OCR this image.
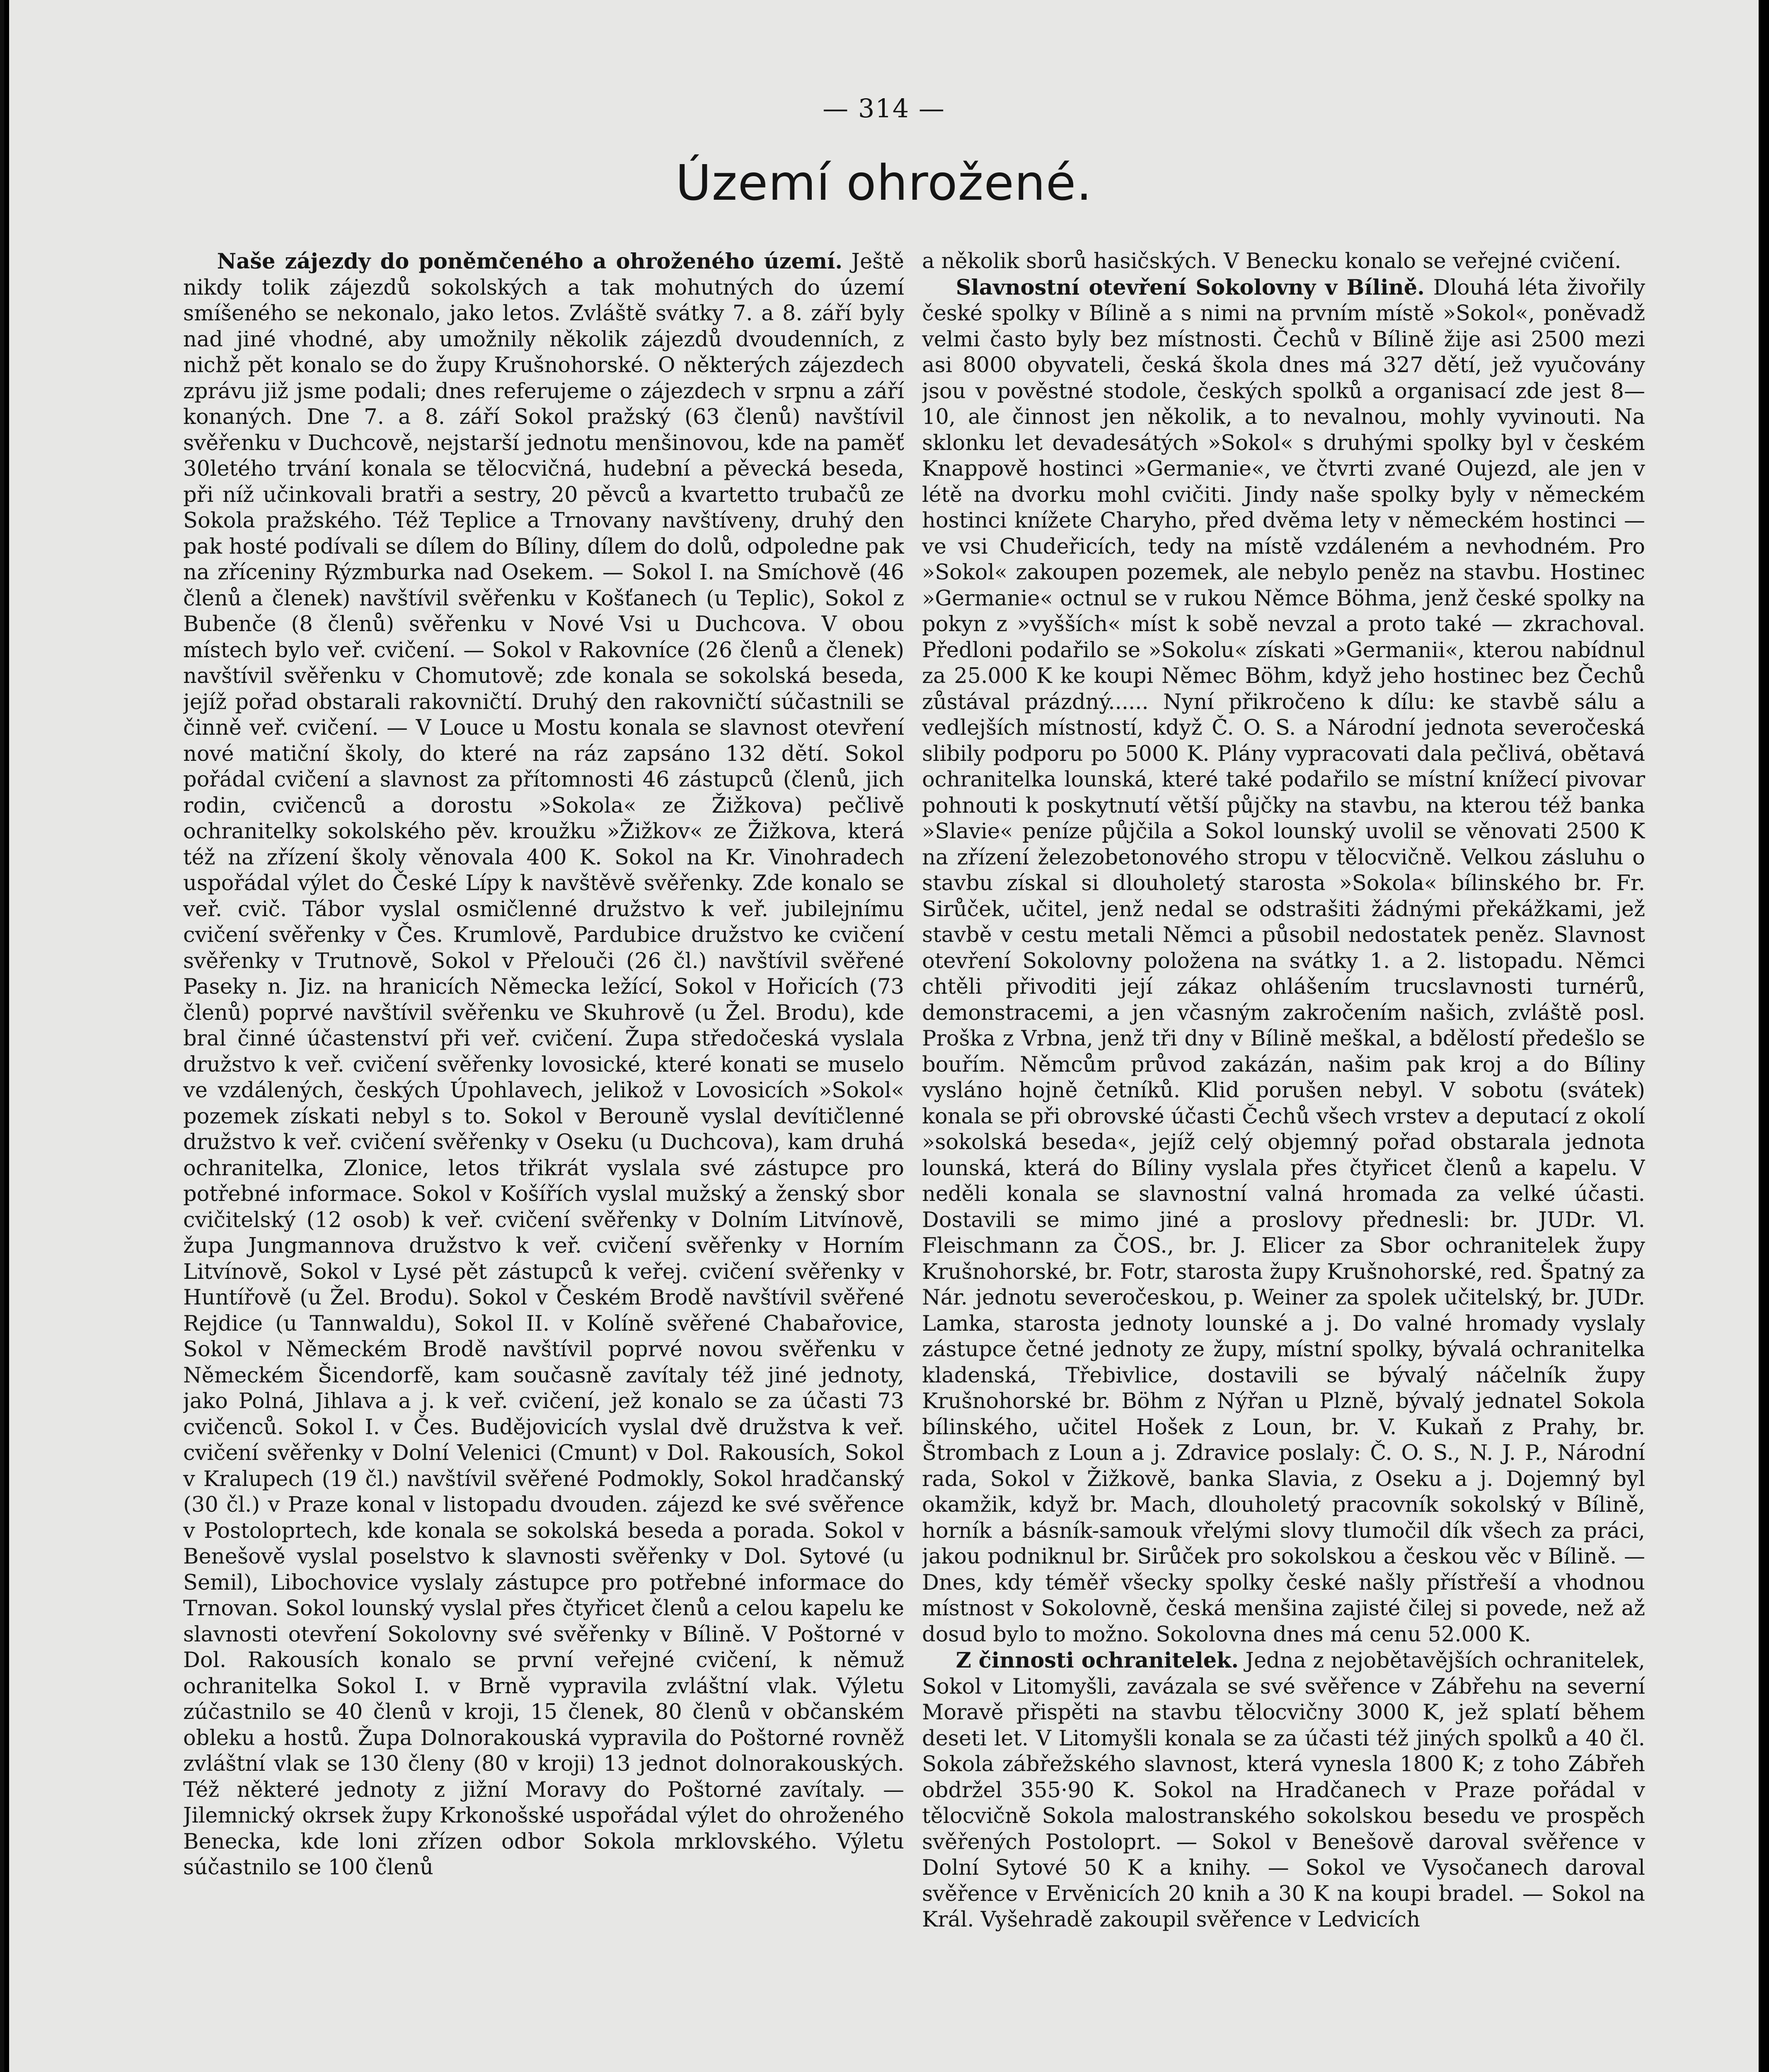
— 314 —
Území ohrožené.

Naše zájezdy do poněmčeného a ohroženého území. Ještě nikdy tolik zájezdů sokolských a tak mohutných do území smíšeného se nekonalo, jako letos. Zvláště svátky 7. a 8. září byly nad jiné vhodné, aby umožnily několik zájezdů dvoudenních, z nichž pět konalo se do župy Krušnohorské. O některých zájezdech zprávu již jsme podali; dnes referujeme o zájezdech v srpnu a září konaných. Dne 7. a 8. září Sokol pražský (63 členů) navštívil svěřenku v Duchcově, nejstarší jednotu menšinovou, kde na paměť 30letého trvání konala se tělocvičná, hudební a pěvecká beseda, při níž učinkovali bratři a sestry, 20 pěvců a kvartetto trubačů ze Sokola pražského. Též Teplice a Trnovany navštíveny, druhý den pak hosté podívali se dílem do Bíliny, dílem do dolů, odpoledne pak na zříceniny Rýzmburka nad Osekem. — Sokol I. na Smíchově (46 členů a členek) navštívil svěřenku v Košťanech (u Teplic), Sokol z Bubenče (8 členů) svěřenku v Nové Vsi u Duchcova. V obou místech bylo veř. cvičení. — Sokol v Rakovníce (26 členů a členek) navštívil svěřenku v Chomutově; zde konala se sokolská beseda, jejíž pořad obstarali rakovničtí. Druhý den rakovničtí súčastnili se činně veř. cvičení. — V Louce u Mostu konala se slavnost otevření nové matiční školy, do které na ráz zapsáno 132 dětí. Sokol pořádal cvičení a slavnost za přítomnosti 46 zástupců (členů, jich rodin, cvičenců a dorostu »Sokola« ze Žižkova) pečlivě ochranitelky sokolského pěv. kroužku »Žižkov« ze Žižkova, která též na zřízení školy věnovala 400 K. Sokol na Kr. Vinohradech uspořádal výlet do České Lípy k navštěvě svěřenky. Zde konalo se veř. cvič. Tábor vyslal osmičlenné družstvo k veř. jubilejnímu cvičení svěřenky v Čes. Krumlově, Pardubice družstvo ke cvičení svěřenky v Trutnově, Sokol v Přelouči (26 čl.) navštívil svěřené Paseky n. Jiz. na hranicích Německa ležící, Sokol v Hořicích (73 členů) poprvé navštívil svěřenku ve Skuhrově (u Žel. Brodu), kde bral činné účastenství při veř. cvičení. Župa středočeská vyslala družstvo k veř. cvičení svěřenky lovosické, které konati se muselo ve vzdálených, českých Úpohlavech, jelikož v Lovosicích »Sokol« pozemek získati nebyl s to. Sokol v Berouně vyslal devítičlenné družstvo k veř. cvičení svěřenky v Oseku (u Duchcova), kam druhá ochranitelka, Zlonice, letos třikrát vyslala své zástupce pro potřebné informace. Sokol v Košířích vyslal mužský a ženský sbor cvičitelský (12 osob) k veř. cvičení svěřenky v Dolním Litvínově, župa Jungmannova družstvo k veř. cvičení svěřenky v Horním Litvínově, Sokol v Lysé pět zástupců k veřej. cvičení svěřenky v Huntířově (u Žel. Brodu). Sokol v Českém Brodě navštívil svěřené Rejdice (u Tannwaldu), Sokol II. v Kolíně svěřené Chabařovice, Sokol v Německém Brodě navštívil poprvé novou svěřenku v Německém Šicendorfě, kam současně zavítaly též jiné jednoty, jako Polná, Jihlava a j. k veř. cvičení, jež konalo se za účasti 73 cvičenců. Sokol I. v Čes. Budějovicích vyslal dvě družstva k veř. cvičení svěřenky v Dolní Velenici (Cmunt) v Dol. Rakousích, Sokol v Kralupech (19 čl.) navštívil svěřené Podmokly, Sokol hradčanský (30 čl.) v Praze konal v listopadu dvouden. zájezd ke své svěřence v Postoloprtech, kde konala se sokolská beseda a porada. Sokol v Benešově vyslal poselstvo k slavnosti svěřenky v Dol. Sytové (u Semil), Libochovice vyslaly zástupce pro potřebné informace do Trnovan. Sokol lounský vyslal přes čtyřicet členů a celou kapelu ke slavnosti otevření Sokolovny své svěřenky v Bílině. V Poštorné v Dol. Rakousích konalo se první veřejné cvičení, k němuž ochranitelka Sokol I. v Brně vypravila zvláštní vlak. Výletu zúčastnilo se 40 členů v kroji, 15 členek, 80 členů v občanském obleku a hostů. Župa Dolnorakouská vypravila do Poštorné rovněž zvláštní vlak se 130 členy (80 v kroji) 13 jednot dolnorakouských. Též některé jednoty z jižní Moravy do Poštorné zavítaly. — Jilemnický okrsek župy Krkonošské uspořádal výlet do ohroženého Benecka, kde loni zřízen odbor Sokola mrklovského. Výletu súčastnilo se 100 členů

a několik sborů hasičských. V Benecku konalo se veřejné cvičení.

Slavnostní otevření Sokolovny v Bílině. Dlouhá léta živořily české spolky v Bílině a s nimi na prvním místě »Sokol«, poněvadž velmi často byly bez místnosti. Čechů v Bílině žije asi 2500 mezi asi 8000 obyvateli, česká škola dnes má 327 dětí, jež vyučovány jsou v pověstné stodole, českých spolků a organisací zde jest 8—10, ale činnost jen několik, a to nevalnou, mohly vyvinouti. Na sklonku let devadesátých »Sokol« s druhými spolky byl v českém Knappově hostinci »Germanie«, ve čtvrti zvané Oujezd, ale jen v létě na dvorku mohl cvičiti. Jindy naše spolky byly v německém hostinci knížete Charyho, před dvěma lety v německém hostinci — ve vsi Chudeřicích, tedy na místě vzdáleném a nevhodném. Pro »Sokol« zakoupen pozemek, ale nebylo peněz na stavbu. Hostinec »Germanie« octnul se v rukou Němce Böhma, jenž české spolky na pokyn z »vyšších« míst k sobě nevzal a proto také — zkrachoval. Předloni podařilo se »Sokolu« získati »Germanii«, kterou nabídnul za 25.000 K ke koupi Němec Böhm, když jeho hostinec bez Čechů zůstával prázdný...... Nyní přikročeno k dílu: ke stavbě sálu a vedlejších místností, když Č. O. S. a Národní jednota severočeská slibily podporu po 5000 K. Plány vypracovati dala pečlivá, obětavá ochranitelka lounská, které také podařilo se místní knížecí pivovar pohnouti k poskytnutí větší půjčky na stavbu, na kterou též banka »Slavie« peníze půjčila a Sokol lounský uvolil se věnovati 2500 K na zřízení železobetonového stropu v tělocvičně. Velkou zásluhu o stavbu získal si dlouholetý starosta »Sokola« bílinského br. Fr. Sirůček, učitel, jenž nedal se odstrašiti žádnými překážkami, jež stavbě v cestu metali Němci a působil nedostatek peněz. Slavnost otevření Sokolovny položena na svátky 1. a 2. listopadu. Němci chtěli přivoditi její zákaz ohlášením trucslavnosti turnérů, demonstracemi, a jen včasným zakročením našich, zvláště posl. Proška z Vrbna, jenž tři dny v Bílině meškal, a bdělostí předešlo se bouřím. Němcům průvod zakázán, našim pak kroj a do Bíliny vysláno hojně četníků. Klid porušen nebyl. V sobotu (svátek) konala se při obrovské účasti Čechů všech vrstev a deputací z okolí »sokolská beseda«, jejíž celý objemný pořad obstarala jednota lounská, která do Bíliny vyslala přes čtyřicet členů a kapelu. V neděli konala se slavnostní valná hromada za velké účasti. Dostavili se mimo jiné a proslovy přednesli: br. JUDr. Vl. Fleischmann za ČOS., br. J. Elicer za Sbor ochranitelek župy Krušnohorské, br. Fotr, starosta župy Krušnohorské, red. Špatný za Nár. jednotu severočeskou, p. Weiner za spolek učitelský, br. JUDr. Lamka, starosta jednoty lounské a j. Do valné hromady vyslaly zástupce četné jednoty ze župy, místní spolky, bývalá ochranitelka kladenská, Třebivlice, dostavili se bývalý náčelník župy Krušnohorské br. Böhm z Nýřan u Plzně, bývalý jednatel Sokola bílinského, učitel Hošek z Loun, br. V. Kukaň z Prahy, br. Štrombach z Loun a j. Zdravice poslaly: Č. O. S., N. J. P., Národní rada, Sokol v Žižkově, banka Slavia, z Oseku a j. Dojemný byl okamžik, když br. Mach, dlouholetý pracovník sokolský v Bílině, horník a básník-samouk vřelými slovy tlumočil dík všech za práci, jakou podniknul br. Sirůček pro sokolskou a českou věc v Bílině. — Dnes, kdy téměř všecky spolky české našly přístřeší a vhodnou místnost v Sokolovně, česká menšina zajisté čilej si povede, než až dosud bylo to možno. Sokolovna dnes má cenu 52.000 K.

Z činnosti ochranitelek. Jedna z nejobětavějších ochranitelek, Sokol v Litomyšli, zavázala se své svěřence v Zábřehu na severní Moravě přispěti na stavbu tělocvičny 3000 K, jež splatí během deseti let. V Litomyšli konala se za účasti též jiných spolků a 40 čl. Sokola zábřežského slavnost, která vynesla 1800 K; z toho Zábřeh obdržel 355·90 K. Sokol na Hradčanech v Praze pořádal v tělocvičně Sokola malostranského sokolskou besedu ve prospěch svěřených Postoloprt. — Sokol v Benešově daroval svěřence v Dolní Sytové 50 K a knihy. — Sokol ve Vysočanech daroval svěřence v Ervěnicích 20 knih a 30 K na koupi bradel. — Sokol na Král. Vyšehradě zakoupil svěřence v Ledvicích
